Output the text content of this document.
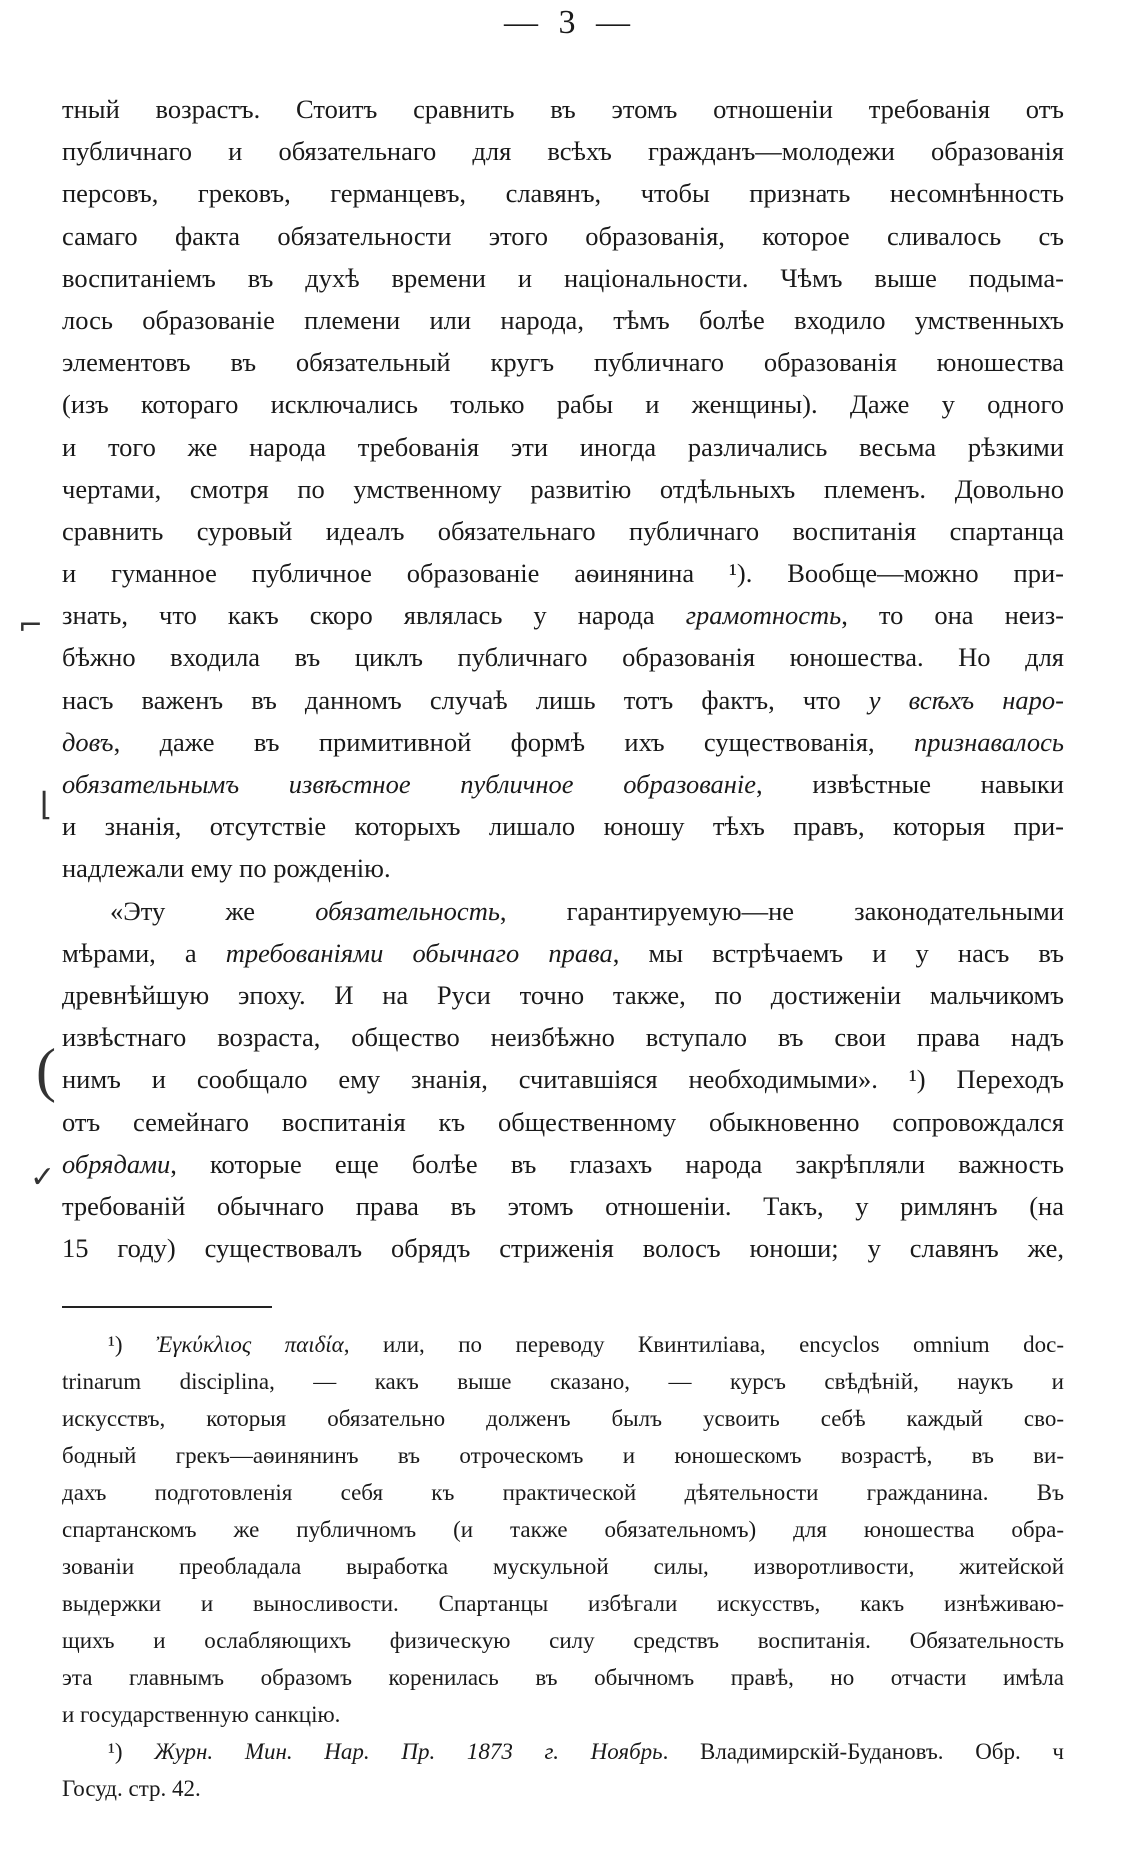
— 3 —
тный возрастъ. Стоитъ сравнить въ этомъ отношеніи требованія отъ
публичнаго и обязательнаго для всѣхъ гражданъ—молодежи образованія
персовъ, грековъ, германцевъ, славянъ, чтобы признать несомнѣнность
самаго факта обязательности этого образованія, которое сливалось съ
воспитаніемъ въ духѣ времени и національности. Чѣмъ выше подыма-
лось образованіе племени или народа, тѣмъ болѣе входило умственныхъ
элементовъ въ обязательный кругъ публичнаго образованія юношества
(изъ котораго исключались только рабы и женщины). Даже у одного
и того же народа требованія эти иногда различались весьма рѣзкими
чертами, смотря по умственному развитію отдѣльныхъ племенъ. Довольно
сравнить суровый идеалъ обязательнаго публичнаго воспитанія спартанца
и гуманное публичное образованіе аѳинянина ¹). Вообще—можно при-
знать, что какъ скоро являлась у народа грамотность, то она неиз-
бѣжно входила въ циклъ публичнаго образованія юношества. Но для
насъ важенъ въ данномъ случаѣ лишь тотъ фактъ, что у всѣхъ наро-
довъ, даже въ примитивной формѣ ихъ существованія, признавалось
обязательнымъ извѣстное публичное образованіе, извѣстные навыки
и знанія, отсутствіе которыхъ лишало юношу тѣхъ правъ, которыя при-
надлежали ему по рожденію.
«Эту же обязательность, гарантируемую—не законодательными
мѣрами, а требованіями обычнаго права, мы встрѣчаемъ и у насъ въ
древнѣйшую эпоху. И на Руси точно также, по достиженіи мальчикомъ
извѣстнаго возраста, общество неизбѣжно вступало въ свои права надъ
нимъ и сообщало ему знанія, считавшіяся необходимыми». ¹) Переходъ
отъ семейнаго воспитанія къ общественному обыкновенно сопровождался
обрядами, которые еще болѣе въ глазахъ народа закрѣпляли важность
требованій обычнаго права въ этомъ отношеніи. Такъ, у римлянъ (на
15 году) существовалъ обрядъ стриженія волосъ юноши; у славянъ же,
¹) Ἐγκύκλιος παιδία, или, по переводу Квинтиліава, encyclos omnium doc-
trinarum disciplina, — какъ выше сказано, — курсъ свѣдѣній, наукъ и
искусствъ, которыя обязательно долженъ былъ усвоить себѣ каждый сво-
бодный грекъ—аѳинянинъ въ отроческомъ и юношескомъ возрастѣ, въ ви-
дахъ подготовленія себя къ практической дѣятельности гражданина. Въ
спартанскомъ же публичномъ (и также обязательномъ) для юношества обра-
зованіи преобладала выработка мускульной силы, изворотливости, житейской
выдержки и выносливости. Спартанцы избѣгали искусствъ, какъ изнѣживаю-
щихъ и ослабляющихъ физическую силу средствъ воспитанія. Обязательность
эта главнымъ образомъ коренилась въ обычномъ правѣ, но отчасти имѣла
и государственную санкцію.
¹) Журн. Мин. Нар. Пр. 1873 г. Ноябрь. Владимирскій-Будановъ. Обр. ч
Госуд. стр. 42.
⌐
⌊
(
✓
